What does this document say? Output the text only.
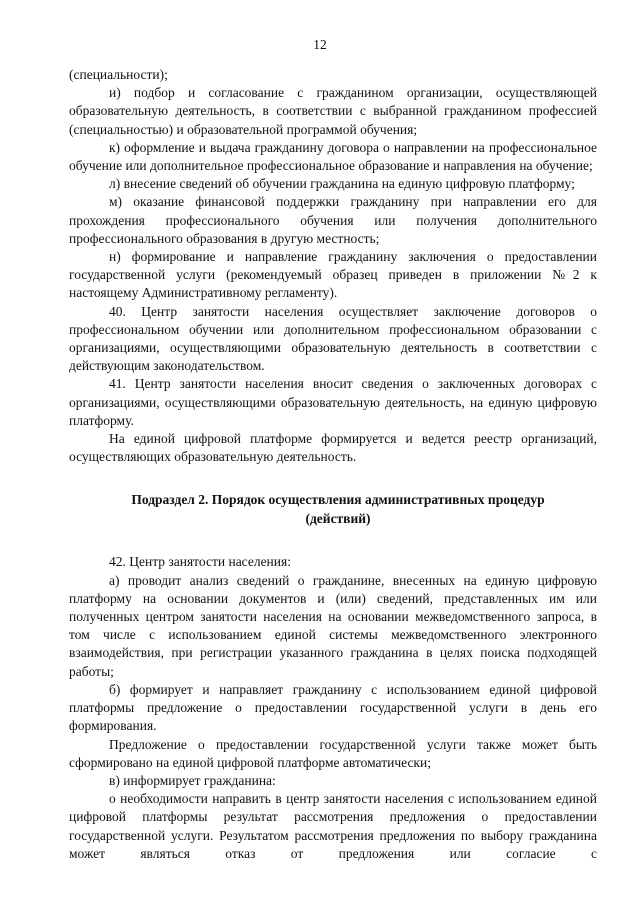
12

(специальности);

и) подбор и согласование с гражданином организации, осуществляющей образовательную деятельность, в соответствии с выбранной гражданином профессией (специальностью) и образовательной программой обучения;

к) оформление и выдача гражданину договора о направлении на профессиональное обучение или дополнительное профессиональное образование и направления на обучение;

л) внесение сведений об обучении гражданина на единую цифровую платформу;

м) оказание финансовой поддержки гражданину при направлении его для прохождения профессионального обучения или получения дополнительного профессионального образования в другую местность;

н) формирование и направление гражданину заключения о предоставлении государственной услуги (рекомендуемый образец приведен в приложении №2 к настоящему Административному регламенту).

40. Центр занятости населения осуществляет заключение договоров о профессиональном обучении или дополнительном профессиональном образовании с организациями, осуществляющими образовательную деятельность в соответствии с действующим законодательством.

41. Центр занятости населения вносит сведения о заключенных договорах с организациями, осуществляющими образовательную деятельность, на единую цифровую платформу.

На единой цифровой платформе формируется и ведется реестр организаций, осуществляющих образовательную деятельность.

Подраздел 2. Порядок осуществления административных процедур (действий)

42. Центр занятости населения:

а) проводит анализ сведений о гражданине, внесенных на единую цифровую платформу на основании документов и (или) сведений, представленных им или полученных центром занятости населения на основании межведомственного запроса, в том числе с использованием единой системы межведомственного электронного взаимодействия, при регистрации указанного гражданина в целях поиска подходящей работы;

б) формирует и направляет гражданину с использованием единой цифровой платформы предложение о предоставлении государственной услуги в день его формирования.

Предложение о предоставлении государственной услуги также может быть сформировано на единой цифровой платформе автоматически;

в) информирует гражданина:

о необходимости направить в центр занятости населения с использованием единой цифровой платформы результат рассмотрения предложения о предоставлении государственной услуги. Результатом рассмотрения предложения по выбору гражданина может являться отказ от предложения или согласие с
